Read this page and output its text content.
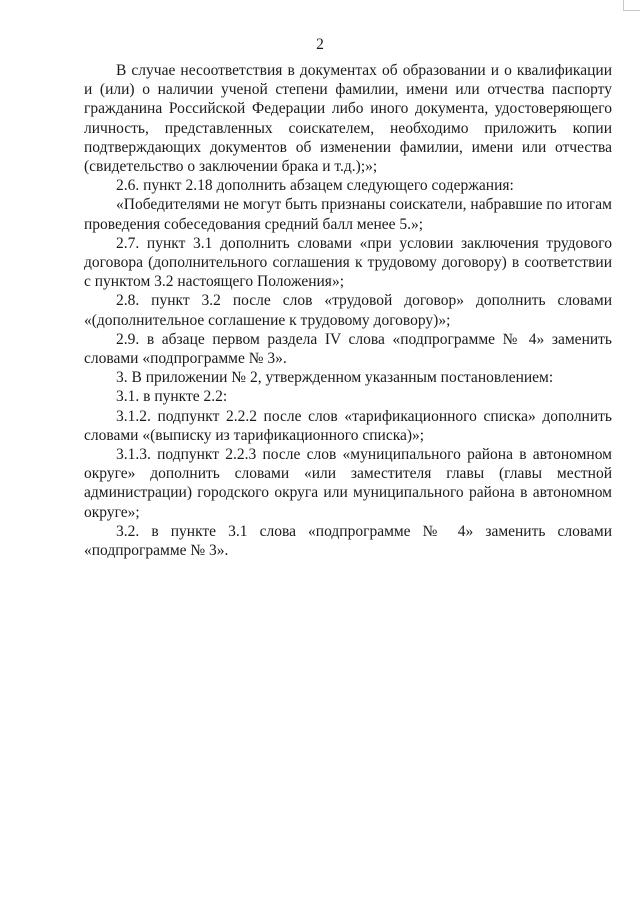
2

В случае несоответствия в документах об образовании и о квалификации и (или) о наличии ученой степени фамилии, имени или отчества паспорту гражданина Российской Федерации либо иного документа, удостоверяющего личность, представленных соискателем, необходимо приложить копии подтверждающих документов об изменении фамилии, имени или отчества (свидетельство о заключении брака и т.д.);»;

2.6. пункт 2.18 дополнить абзацем следующего содержания:

«Победителями не могут быть признаны соискатели, набравшие по итогам проведения собеседования средний балл менее 5.»;

2.7. пункт 3.1 дополнить словами «при условии заключения трудового договора (дополнительного соглашения к трудовому договору) в соответствии с пунктом 3.2 настоящего Положения»;

2.8. пункт 3.2 после слов «трудовой договор» дополнить словами «(дополнительное соглашение к трудовому договору)»;

2.9. в абзаце первом раздела IV слова «подпрограмме № 4» заменить словами «подпрограмме № 3».

3. В приложении № 2, утвержденном указанным постановлением:

3.1. в пункте 2.2:

3.1.2. подпункт 2.2.2 после слов «тарификационного списка» дополнить словами «(выписку из тарификационного списка)»;

3.1.3. подпункт 2.2.3 после слов «муниципального района в автономном округе» дополнить словами «или заместителя главы (главы местной администрации) городского округа или муниципального района в автономном округе»;

3.2. в пункте 3.1 слова «подпрограмме № 4» заменить словами «подпрограмме № 3».
